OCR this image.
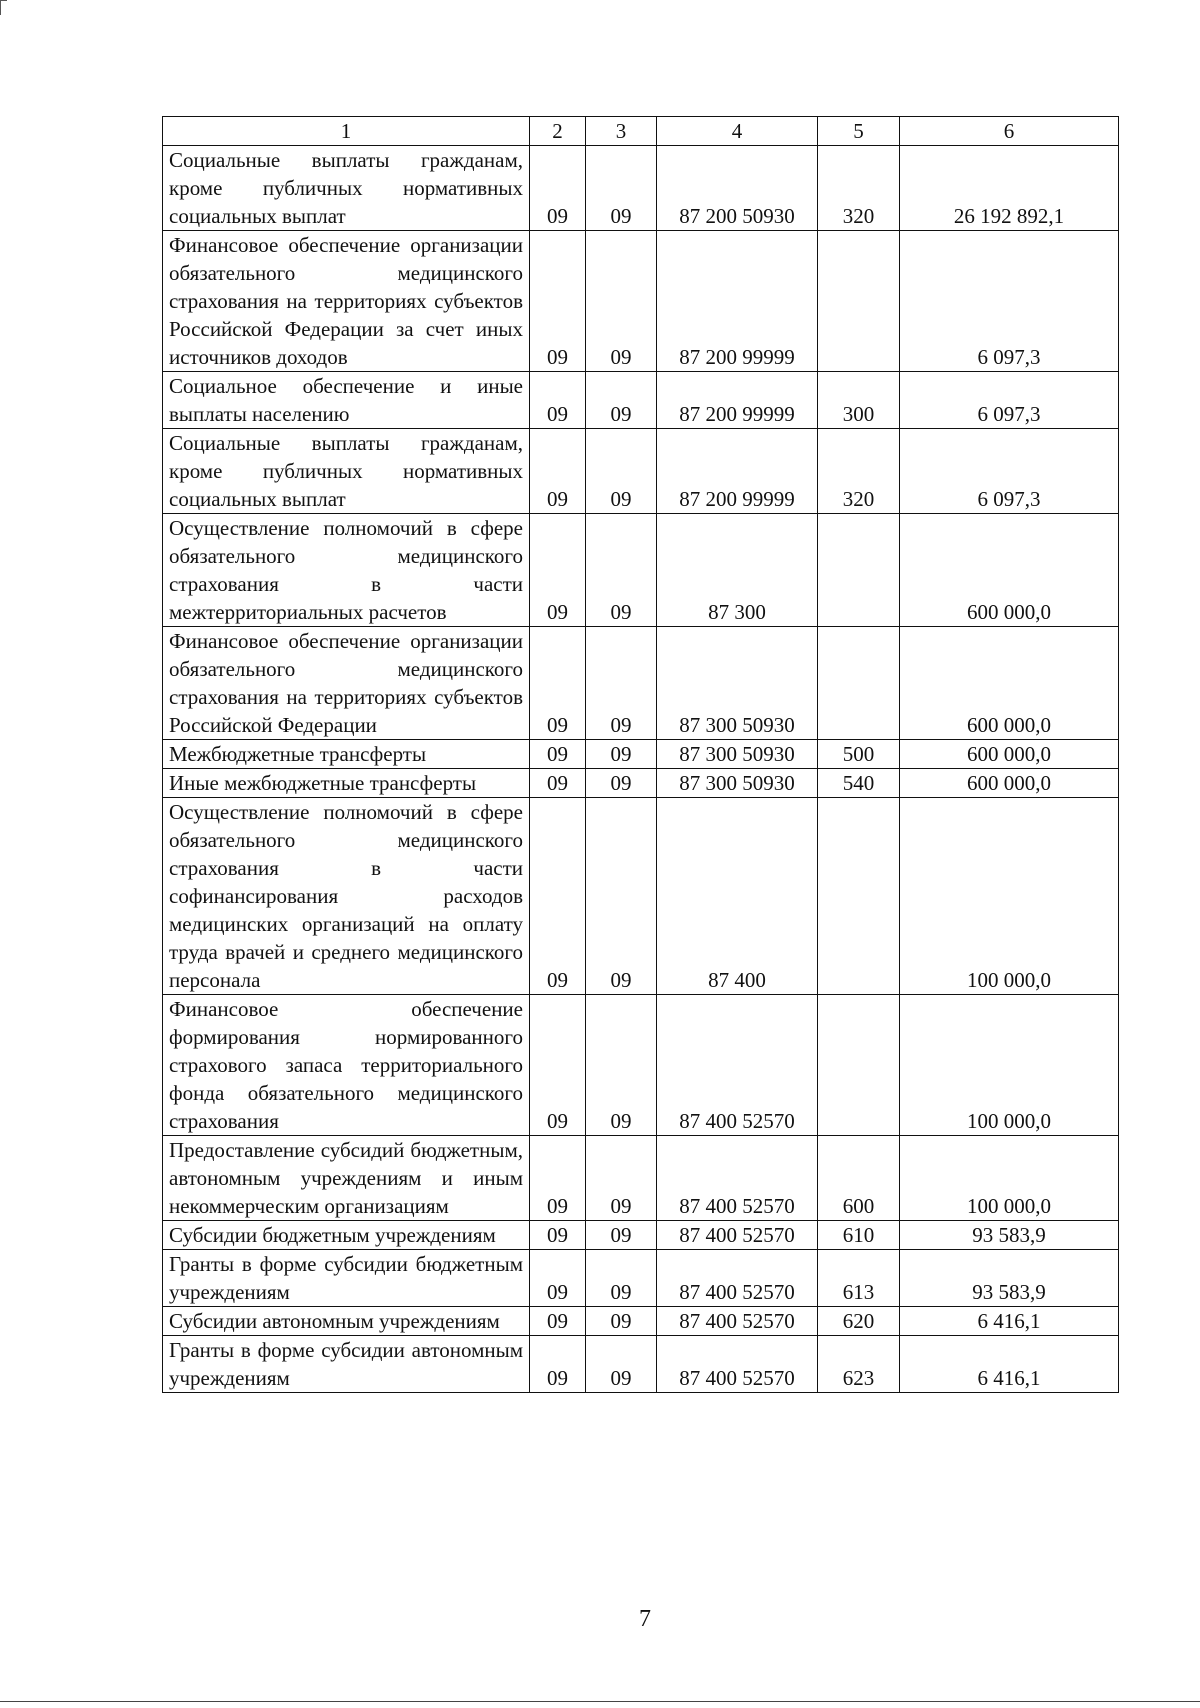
1	2	3	4	5	6
Социальные выплаты гражданам, кроме публичных нормативных социальных выплат	09	09	87 200 50930	320	26 192 892,1
Финансовое обеспечение организации обязательного медицинского страхования на территориях субъектов Российской Федерации за счет иных источников доходов	09	09	87 200 99999		6 097,3
Социальное обеспечение и иные выплаты населению	09	09	87 200 99999	300	6 097,3
Социальные выплаты гражданам, кроме публичных нормативных социальных выплат	09	09	87 200 99999	320	6 097,3
Осуществление полномочий в сфере обязательного медицинского страхования в части межтерриториальных расчетов	09	09	87 300		600 000,0
Финансовое обеспечение организации обязательного медицинского страхования на территориях субъектов Российской Федерации	09	09	87 300 50930		600 000,0
Межбюджетные трансферты	09	09	87 300 50930	500	600 000,0
Иные межбюджетные трансферты	09	09	87 300 50930	540	600 000,0
Осуществление полномочий в сфере обязательного медицинского страхования в части софинансирования расходов медицинских организаций на оплату труда врачей и среднего медицинского персонала	09	09	87 400		100 000,0
Финансовое обеспечение формирования нормированного страхового запаса территориального фонда обязательного медицинского страхования	09	09	87 400 52570		100 000,0
Предоставление субсидий бюджетным, автономным учреждениям и иным некоммерческим организациям	09	09	87 400 52570	600	100 000,0
Субсидии бюджетным учреждениям	09	09	87 400 52570	610	93 583,9
Гранты в форме субсидии бюджетным учреждениям	09	09	87 400 52570	613	93 583,9
Субсидии автономным учреждениям	09	09	87 400 52570	620	6 416,1
Гранты в форме субсидии автономным учреждениям	09	09	87 400 52570	623	6 416,1
7
